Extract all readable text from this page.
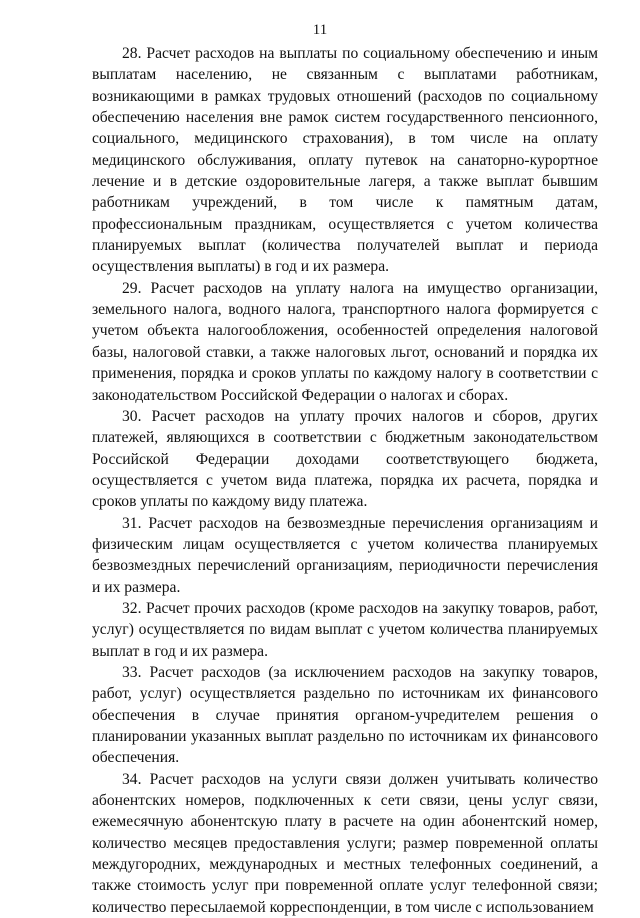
11

28. Расчет расходов на выплаты по социальному обеспечению и иным выплатам населению, не связанным с выплатами работникам, возникающими в рамках трудовых отношений (расходов по социальному обеспечению населения вне рамок систем государственного пенсионного, социального, медицинского страхования), в том числе на оплату медицинского обслуживания, оплату путевок на санаторно-курортное лечение и в детские оздоровительные лагеря, а также выплат бывшим работникам учреждений, в том числе к памятным датам, профессиональным праздникам, осуществляется с учетом количества планируемых выплат (количества получателей выплат и периода осуществления выплаты) в год и их размера.

29. Расчет расходов на уплату налога на имущество организации, земельного налога, водного налога, транспортного налога формируется с учетом объекта налогообложения, особенностей определения налоговой базы, налоговой ставки, а также налоговых льгот, оснований и порядка их применения, порядка и сроков уплаты по каждому налогу в соответствии с законодательством Российской Федерации о налогах и сборах.

30. Расчет расходов на уплату прочих налогов и сборов, других платежей, являющихся в соответствии с бюджетным законодательством Российской Федерации доходами соответствующего бюджета, осуществляется с учетом вида платежа, порядка их расчета, порядка и сроков уплаты по каждому виду платежа.

31. Расчет расходов на безвозмездные перечисления организациям и физическим лицам осуществляется с учетом количества планируемых безвозмездных перечислений организациям, периодичности перечисления и их размера.

32. Расчет прочих расходов (кроме расходов на закупку товаров, работ, услуг) осуществляется по видам выплат с учетом количества планируемых выплат в год и их размера.

33. Расчет расходов (за исключением расходов на закупку товаров, работ, услуг) осуществляется раздельно по источникам их финансового обеспечения в случае принятия органом-учредителем решения о планировании указанных выплат раздельно по источникам их финансового обеспечения.

34. Расчет расходов на услуги связи должен учитывать количество абонентских номеров, подключенных к сети связи, цены услуг связи, ежемесячную абонентскую плату в расчете на один абонентский номер, количество месяцев предоставления услуги; размер повременной оплаты междугородних, международных и местных телефонных соединений, а также стоимость услуг при повременной оплате услуг телефонной связи; количество пересылаемой корреспонденции, в том числе с использованием
